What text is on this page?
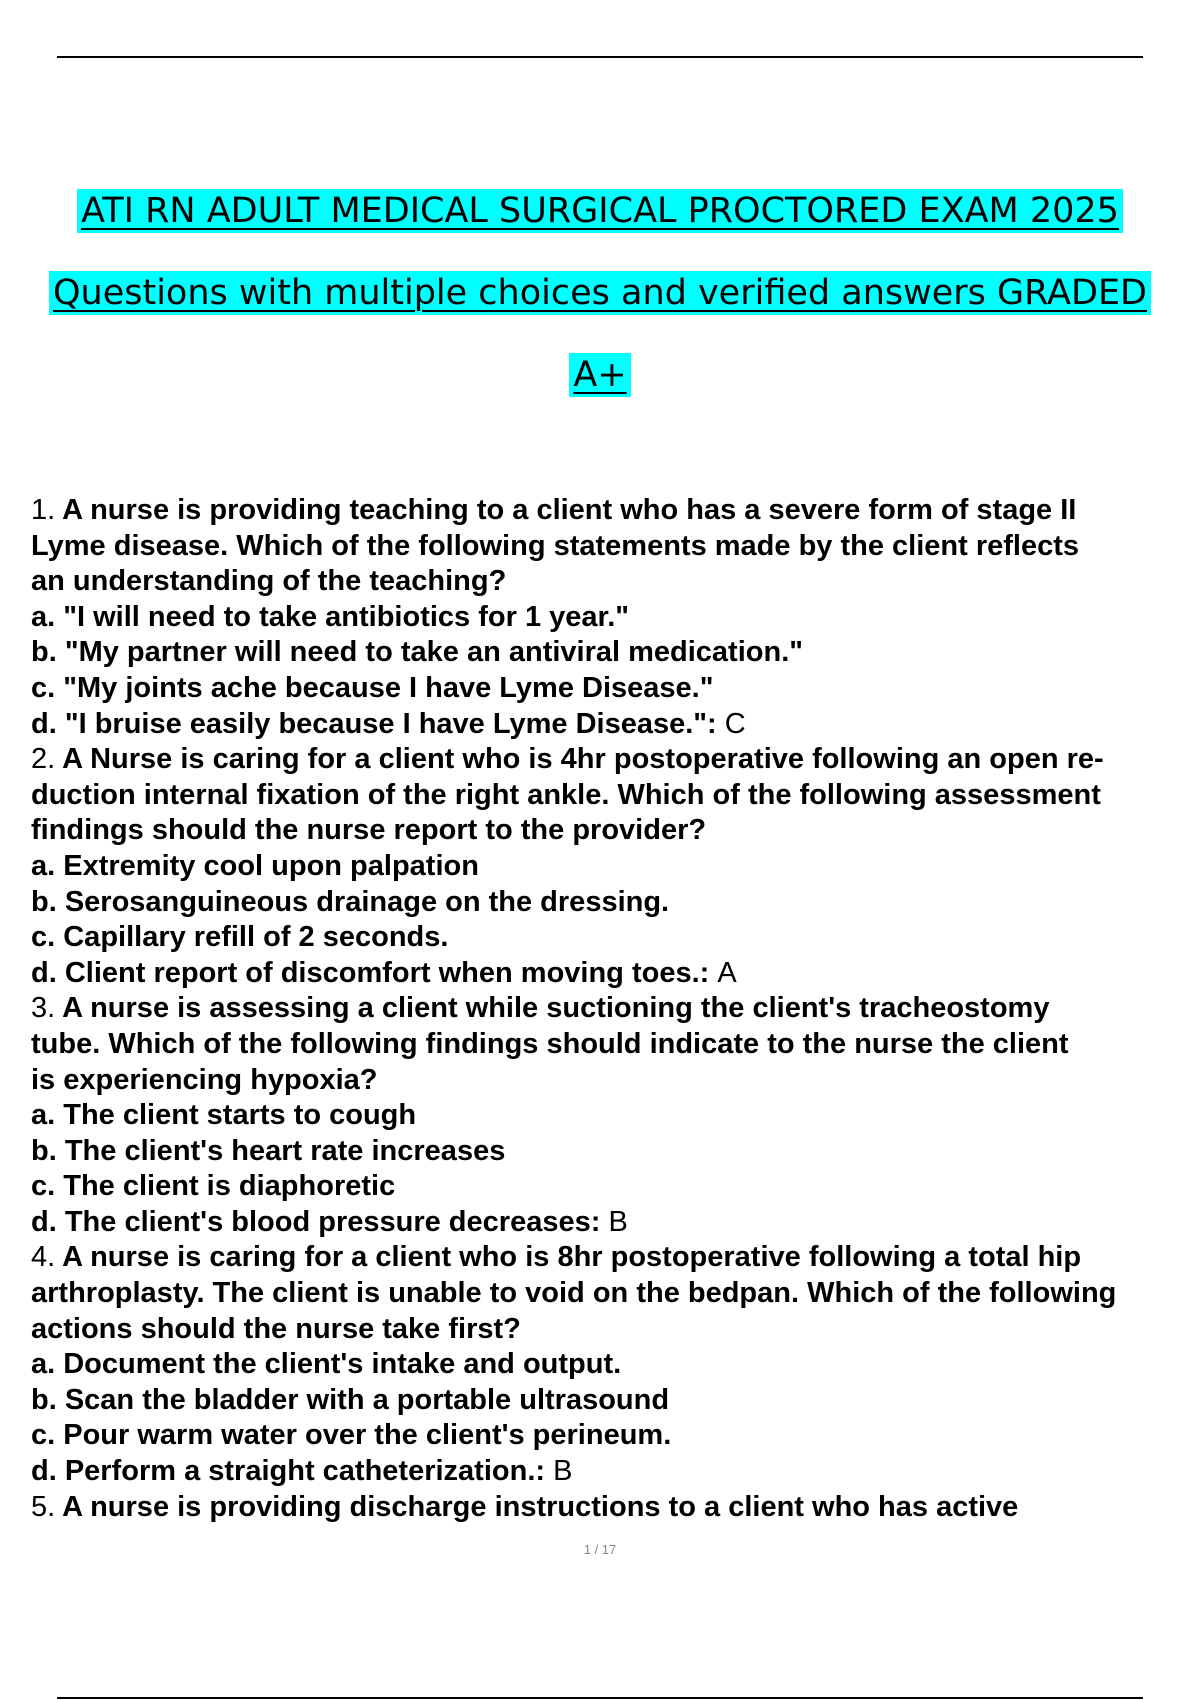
ATI RN ADULT MEDICAL SURGICAL PROCTORED EXAM 2025
Questions with multiple choices and verified answers GRADED
A+
1. A nurse is providing teaching to a client who has a severe form of stage II
Lyme disease. Which of the following statements made by the client reflects
an understanding of the teaching?
a. "I will need to take antibiotics for 1 year."
b. "My partner will need to take an antiviral medication."
c. "My joints ache because I have Lyme Disease."
d. "I bruise easily because I have Lyme Disease.": C
2. A Nurse is caring for a client who is 4hr postoperative following an open re-
duction internal fixation of the right ankle. Which of the following assessment
findings should the nurse report to the provider?
a. Extremity cool upon palpation
b. Serosanguineous drainage on the dressing.
c. Capillary refill of 2 seconds.
d. Client report of discomfort when moving toes.: A
3. A nurse is assessing a client while suctioning the client's tracheostomy
tube. Which of the following findings should indicate to the nurse the client
is experiencing hypoxia?
a. The client starts to cough
b. The client's heart rate increases
c. The client is diaphoretic
d. The client's blood pressure decreases: B
4. A nurse is caring for a client who is 8hr postoperative following a total hip
arthroplasty. The client is unable to void on the bedpan. Which of the following
actions should the nurse take first?
a. Document the client's intake and output.
b. Scan the bladder with a portable ultrasound
c. Pour warm water over the client's perineum.
d. Perform a straight catheterization.: B
5. A nurse is providing discharge instructions to a client who has active
1 / 17
